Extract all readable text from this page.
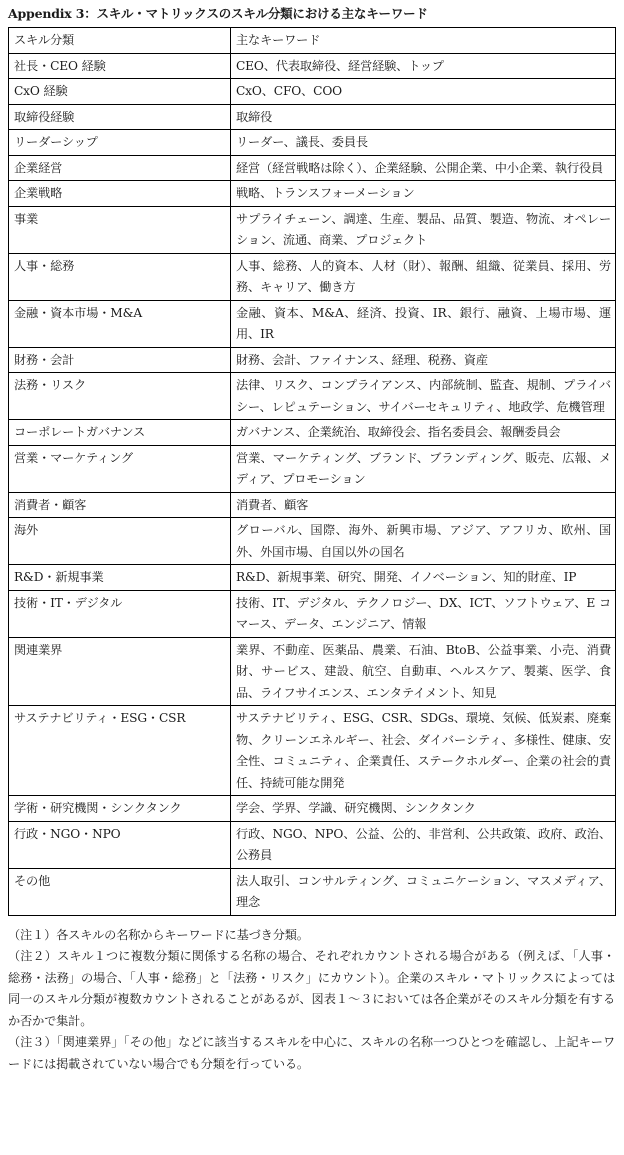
Appendix 3：スキル・マトリックスのスキル分類における主なキーワード
スキル分類	主なキーワード
社長・CEO 経験	CEO、代表取締役、経営経験、トップ
CxO 経験	CxO、CFO、COO
取締役経験	取締役
リーダーシップ	リーダー、議長、委員長
企業経営	経営（経営戦略は除く）、企業経験、公開企業、中小企業、執行役員
企業戦略	戦略、トランスフォーメーション
事業	サプライチェーン、調達、生産、製品、品質、製造、物流、オペレーション、流通、商業、プロジェクト
人事・総務	人事、総務、人的資本、人材（財）、報酬、組織、従業員、採用、労務、キャリア、働き方
金融・資本市場・M&A	金融、資本、M&A、経済、投資、IR、銀行、融資、上場市場、運用、IR
財務・会計	財務、会計、ファイナンス、経理、税務、資産
法務・リスク	法律、リスク、コンプライアンス、内部統制、監査、規制、プライバシー、レピュテーション、サイバーセキュリティ、地政学、危機管理
コーポレートガバナンス	ガバナンス、企業統治、取締役会、指名委員会、報酬委員会
営業・マーケティング	営業、マーケティング、ブランド、ブランディング、販売、広報、メディア、プロモーション
消費者・顧客	消費者、顧客
海外	グローバル、国際、海外、新興市場、アジア、アフリカ、欧州、国外、外国市場、自国以外の国名
R&D・新規事業	R&D、新規事業、研究、開発、イノベーション、知的財産、IP
技術・IT・デジタル	技術、IT、デジタル、テクノロジー、DX、ICT、ソフトウェア、E コマース、データ、エンジニア、情報
関連業界	業界、不動産、医薬品、農業、石油、BtoB、公益事業、小売、消費財、サービス、建設、航空、自動車、ヘルスケア、製薬、医学、食品、ライフサイエンス、エンタテイメント、知見
サステナビリティ・ESG・CSR	サステナビリティ、ESG、CSR、SDGs、環境、気候、低炭素、廃棄物、クリーンエネルギー、社会、ダイバーシティ、多様性、健康、安全性、コミュニティ、企業責任、ステークホルダー、企業の社会的責任、持続可能な開発
学術・研究機関・シンクタンク	学会、学界、学識、研究機関、シンクタンク
行政・NGO・NPO	行政、NGO、NPO、公益、公的、非営利、公共政策、政府、政治、公務員
その他	法人取引、コンサルティング、コミュニケーション、マスメディア、理念

（注１）各スキルの名称からキーワードに基づき分類。

（注２）スキル１つに複数分類に関係する名称の場合、それぞれカウントされる場合がある（例えば、「人事・総務・法務」の場合、「人事・総務」と「法務・リスク」にカウント）。企業のスキル・マトリックスによっては同一のスキル分類が複数カウントされることがあるが、図表１～３においては各企業がそのスキル分類を有するか否かで集計。

（注３）「関連業界」「その他」などに該当するスキルを中心に、スキルの名称一つひとつを確認し、上記キーワードには掲載されていない場合でも分類を行っている。
